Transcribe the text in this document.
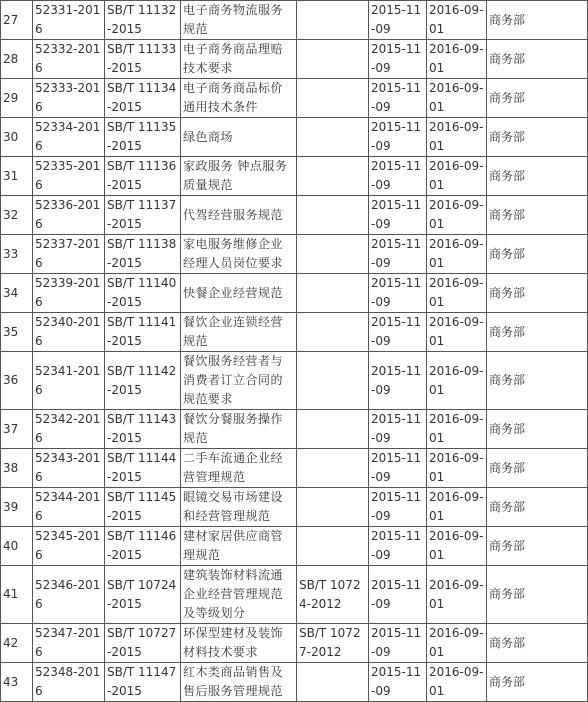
27	52331-2016	SB/T 11132-2015	电子商务物流服务规范		2015-11-09	2016-09-01	商务部
28	52332-2016	SB/T 11133-2015	电子商务商品理赔技术要求		2015-11-09	2016-09-01	商务部
29	52333-2016	SB/T 11134-2015	电子商务商品标价通用技术条件		2015-11-09	2016-09-01	商务部
30	52334-2016	SB/T 11135-2015	绿色商场		2015-11-09	2016-09-01	商务部
31	52335-2016	SB/T 11136-2015	家政服务 钟点服务质量规范		2015-11-09	2016-09-01	商务部
32	52336-2016	SB/T 11137-2015	代驾经营服务规范		2015-11-09	2016-09-01	商务部
33	52337-2016	SB/T 11138-2015	家电服务维修企业经理人员岗位要求		2015-11-09	2016-09-01	商务部
34	52339-2016	SB/T 11140-2015	快餐企业经营规范		2015-11-09	2016-09-01	商务部
35	52340-2016	SB/T 11141-2015	餐饮企业连锁经营规范		2015-11-09	2016-09-01	商务部
36	52341-2016	SB/T 11142-2015	餐饮服务经营者与消费者订立合同的规范要求		2015-11-09	2016-09-01	商务部
37	52342-2016	SB/T 11143-2015	餐饮分餐服务操作规范		2015-11-09	2016-09-01	商务部
38	52343-2016	SB/T 11144-2015	二手车流通企业经营管理规范		2015-11-09	2016-09-01	商务部
39	52344-2016	SB/T 11145-2015	眼镜交易市场建设和经营管理规范		2015-11-09	2016-09-01	商务部
40	52345-2016	SB/T 11146-2015	建材家居供应商管理规范		2015-11-09	2016-09-01	商务部
41	52346-2016	SB/T 10724-2015	建筑装饰材料流通企业经营管理规范及等级划分	SB/T 10724-2012	2015-11-09	2016-09-01	商务部
42	52347-2016	SB/T 10727-2015	环保型建材及装饰材料技术要求	SB/T 10727-2012	2015-11-09	2016-09-01	商务部
43	52348-2016	SB/T 11147-2015	红木类商品销售及售后服务管理规范		2015-11-09	2016-09-01	商务部
